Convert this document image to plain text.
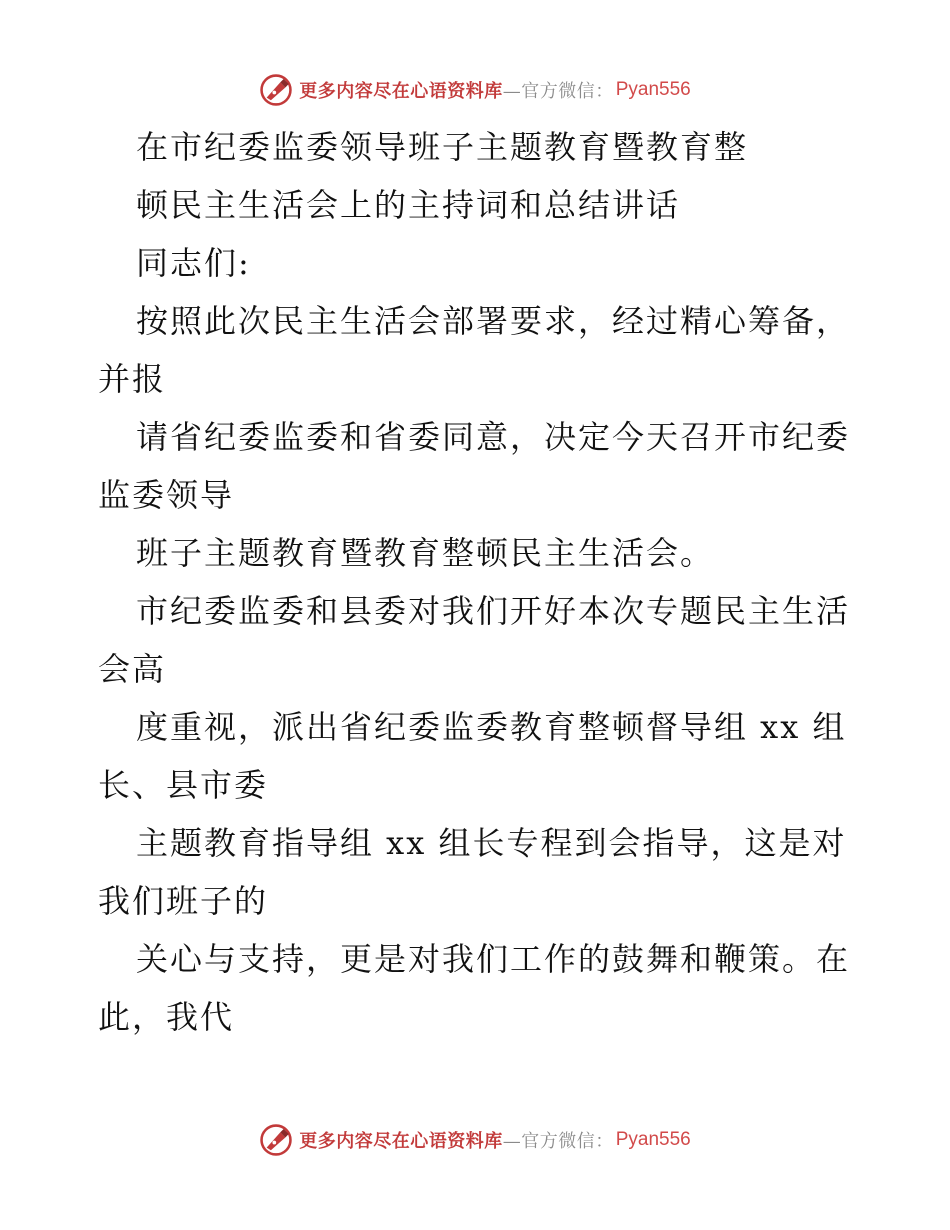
更多内容尽在心语资料库 —官方微信： Pyan556
在市纪委监委领导班子主题教育暨教育整
顿民主生活会上的主持词和总结讲话
同志们:
按照此次民主生活会部署要求，经过精心筹备，
并报
请省纪委监委和省委同意，决定今天召开市纪委
监委领导
班子主题教育暨教育整顿民主生活会。
市纪委监委和县委对我们开好本次专题民主生活
会高
度重视，派出省纪委监委教育整顿督导组 xx 组
长、县市委
主题教育指导组 xx 组长专程到会指导，这是对
我们班子的
关心与支持，更是对我们工作的鼓舞和鞭策。在
此，我代
更多内容尽在心语资料库 —官方微信： Pyan556
